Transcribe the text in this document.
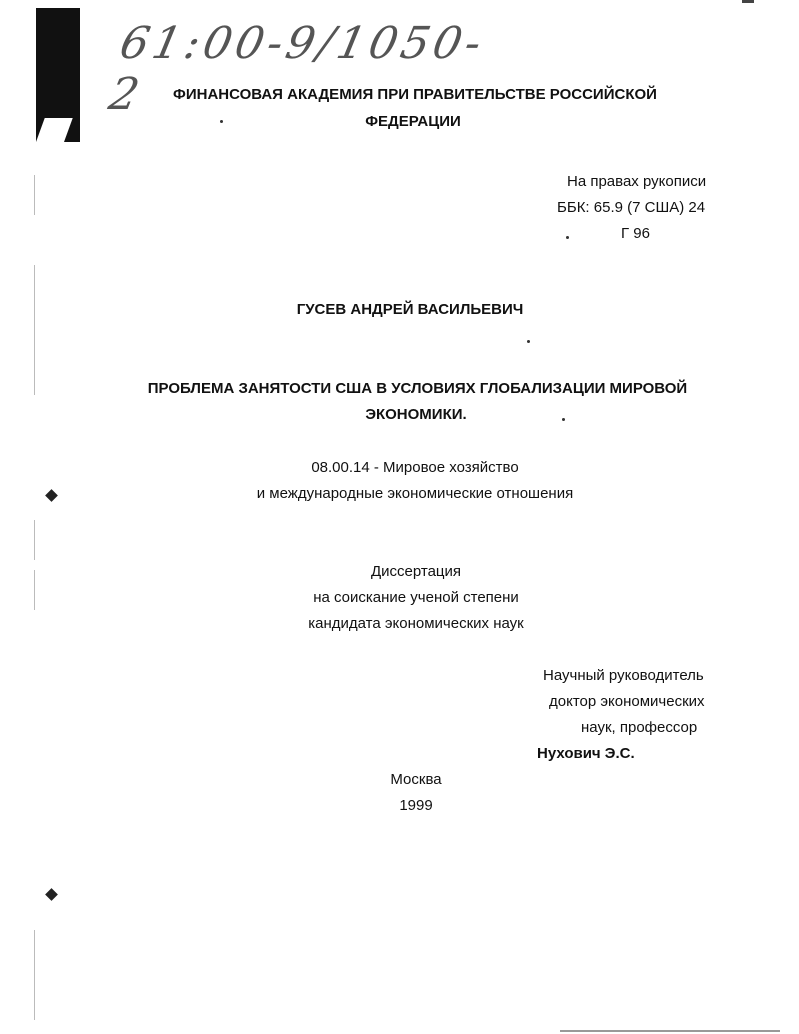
61:00-9/1050-2	ФИНАНСОВАЯ АКАДЕМИЯ ПРИ ПРАВИТЕЛЬСТВЕ РОССИЙСКОЙ
ФЕДЕРАЦИИ
На правах рукописи
ББК: 65.9 (7 США) 24
Г 96
ГУСЕВ АНДРЕЙ ВАСИЛЬЕВИЧ
ПРОБЛЕМА ЗАНЯТОСТИ США В УСЛОВИЯХ ГЛОБАЛИЗАЦИИ МИРОВОЙ
ЭКОНОМИКИ.
08.00.14 - Мировое хозяйство
и международные экономические отношения
Диссертация
на соискание ученой степени
кандидата экономических наук
Научный руководитель
доктор экономических
наук, профессор
Нухович Э.С.
Москва
1999
